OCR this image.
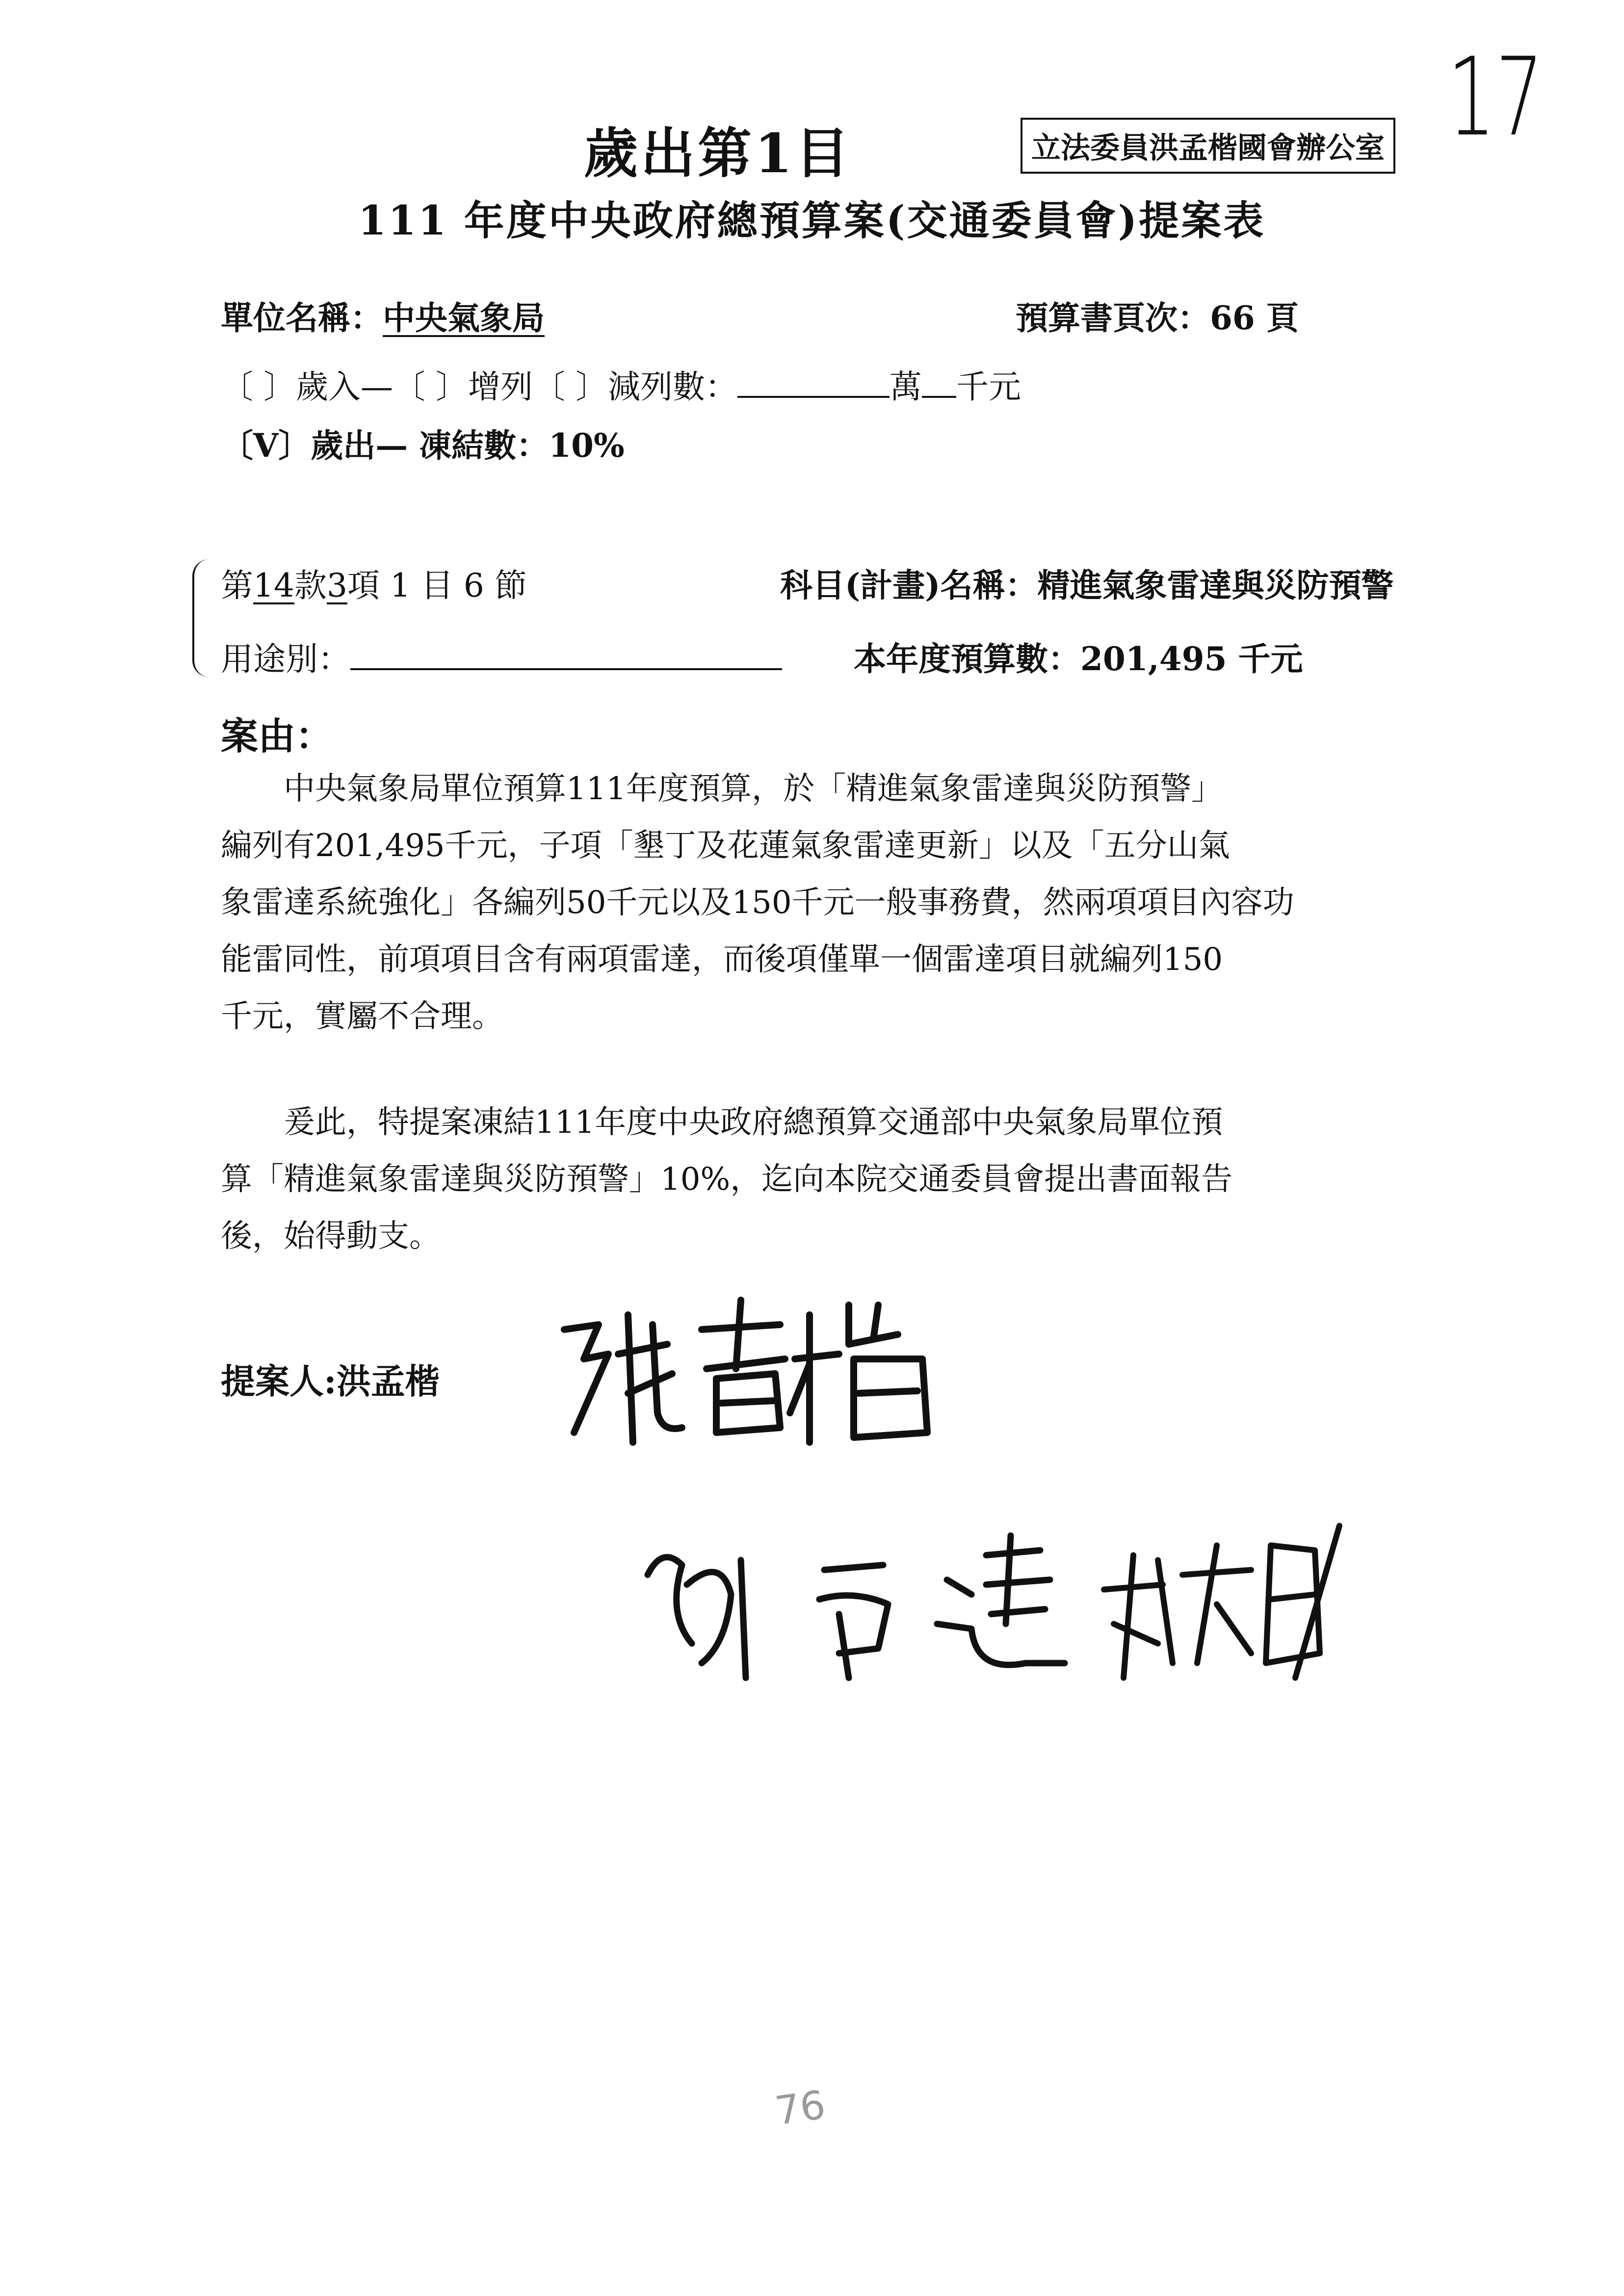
歲出第1目	立法委員洪孟楷國會辦公室 17
111 年度中央政府總預算案(交通委員會)提案表
單位名稱：中央氣象局	預算書頁次：66 頁
〔 〕歲入—〔 〕增列〔 〕減列數：	萬 千元
〔V〕歲出— 凍結數：10%
第14款3項 1 目 6 節	科目(計畫)名稱：精進氣象雷達與災防預警
用途別：	本年度預算數：201,495 千元
案由：
　　中央氣象局單位預算111年度預算，於「精進氣象雷達與災防預警」
編列有201,495千元，子項「墾丁及花蓮氣象雷達更新」以及「五分山氣
象雷達系統強化」各編列50千元以及150千元一般事務費，然兩項項目內容功
能雷同性，前項項目含有兩項雷達，而後項僅單一個雷達項目就編列150
千元，實屬不合理。
　　爰此，特提案凍結111年度中央政府總預算交通部中央氣象局單位預
算「精進氣象雷達與災防預警」10%，迄向本院交通委員會提出書面報告
後，始得動支。
提案人:洪孟楷
76
